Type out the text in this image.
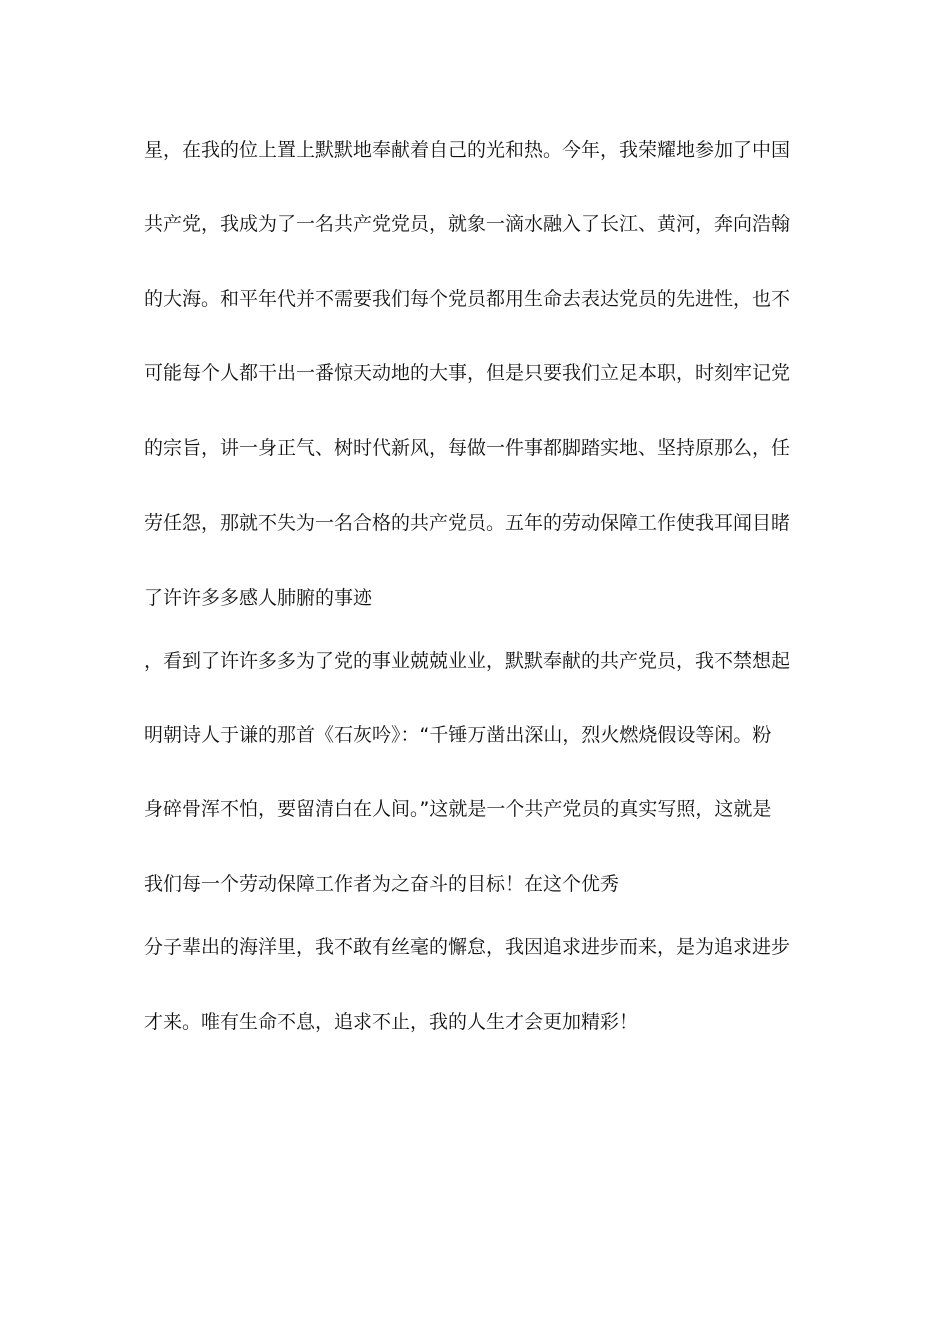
星，在我的位上置上默默地奉献着自己的光和热。今年，我荣耀地参加了中国
共产党，我成为了一名共产党党员，就象一滴水融入了长江、黄河，奔向浩翰
的大海。和平年代并不需要我们每个党员都用生命去表达党员的先进性，也不
可能每个人都干出一番惊天动地的大事，但是只要我们立足本职，时刻牢记党
的宗旨，讲一身正气、树时代新风，每做一件事都脚踏实地、坚持原那么，任
劳任怨，那就不失为一名合格的共产党员。五年的劳动保障工作使我耳闻目睹
了许许多多感人肺腑的事迹
，看到了许许多多为了党的事业兢兢业业，默默奉献的共产党员，我不禁想起
明朝诗人于谦的那首《石灰吟》：“千锤万凿出深山，烈火燃烧假设等闲。粉
身碎骨浑不怕，要留清白在人间。”这就是一个共产党员的真实写照，这就是
我们每一个劳动保障工作者为之奋斗的目标！在这个优秀
分子辈出的海洋里，我不敢有丝毫的懈怠，我因追求进步而来，是为追求进步
才来。唯有生命不息，追求不止，我的人生才会更加精彩！
